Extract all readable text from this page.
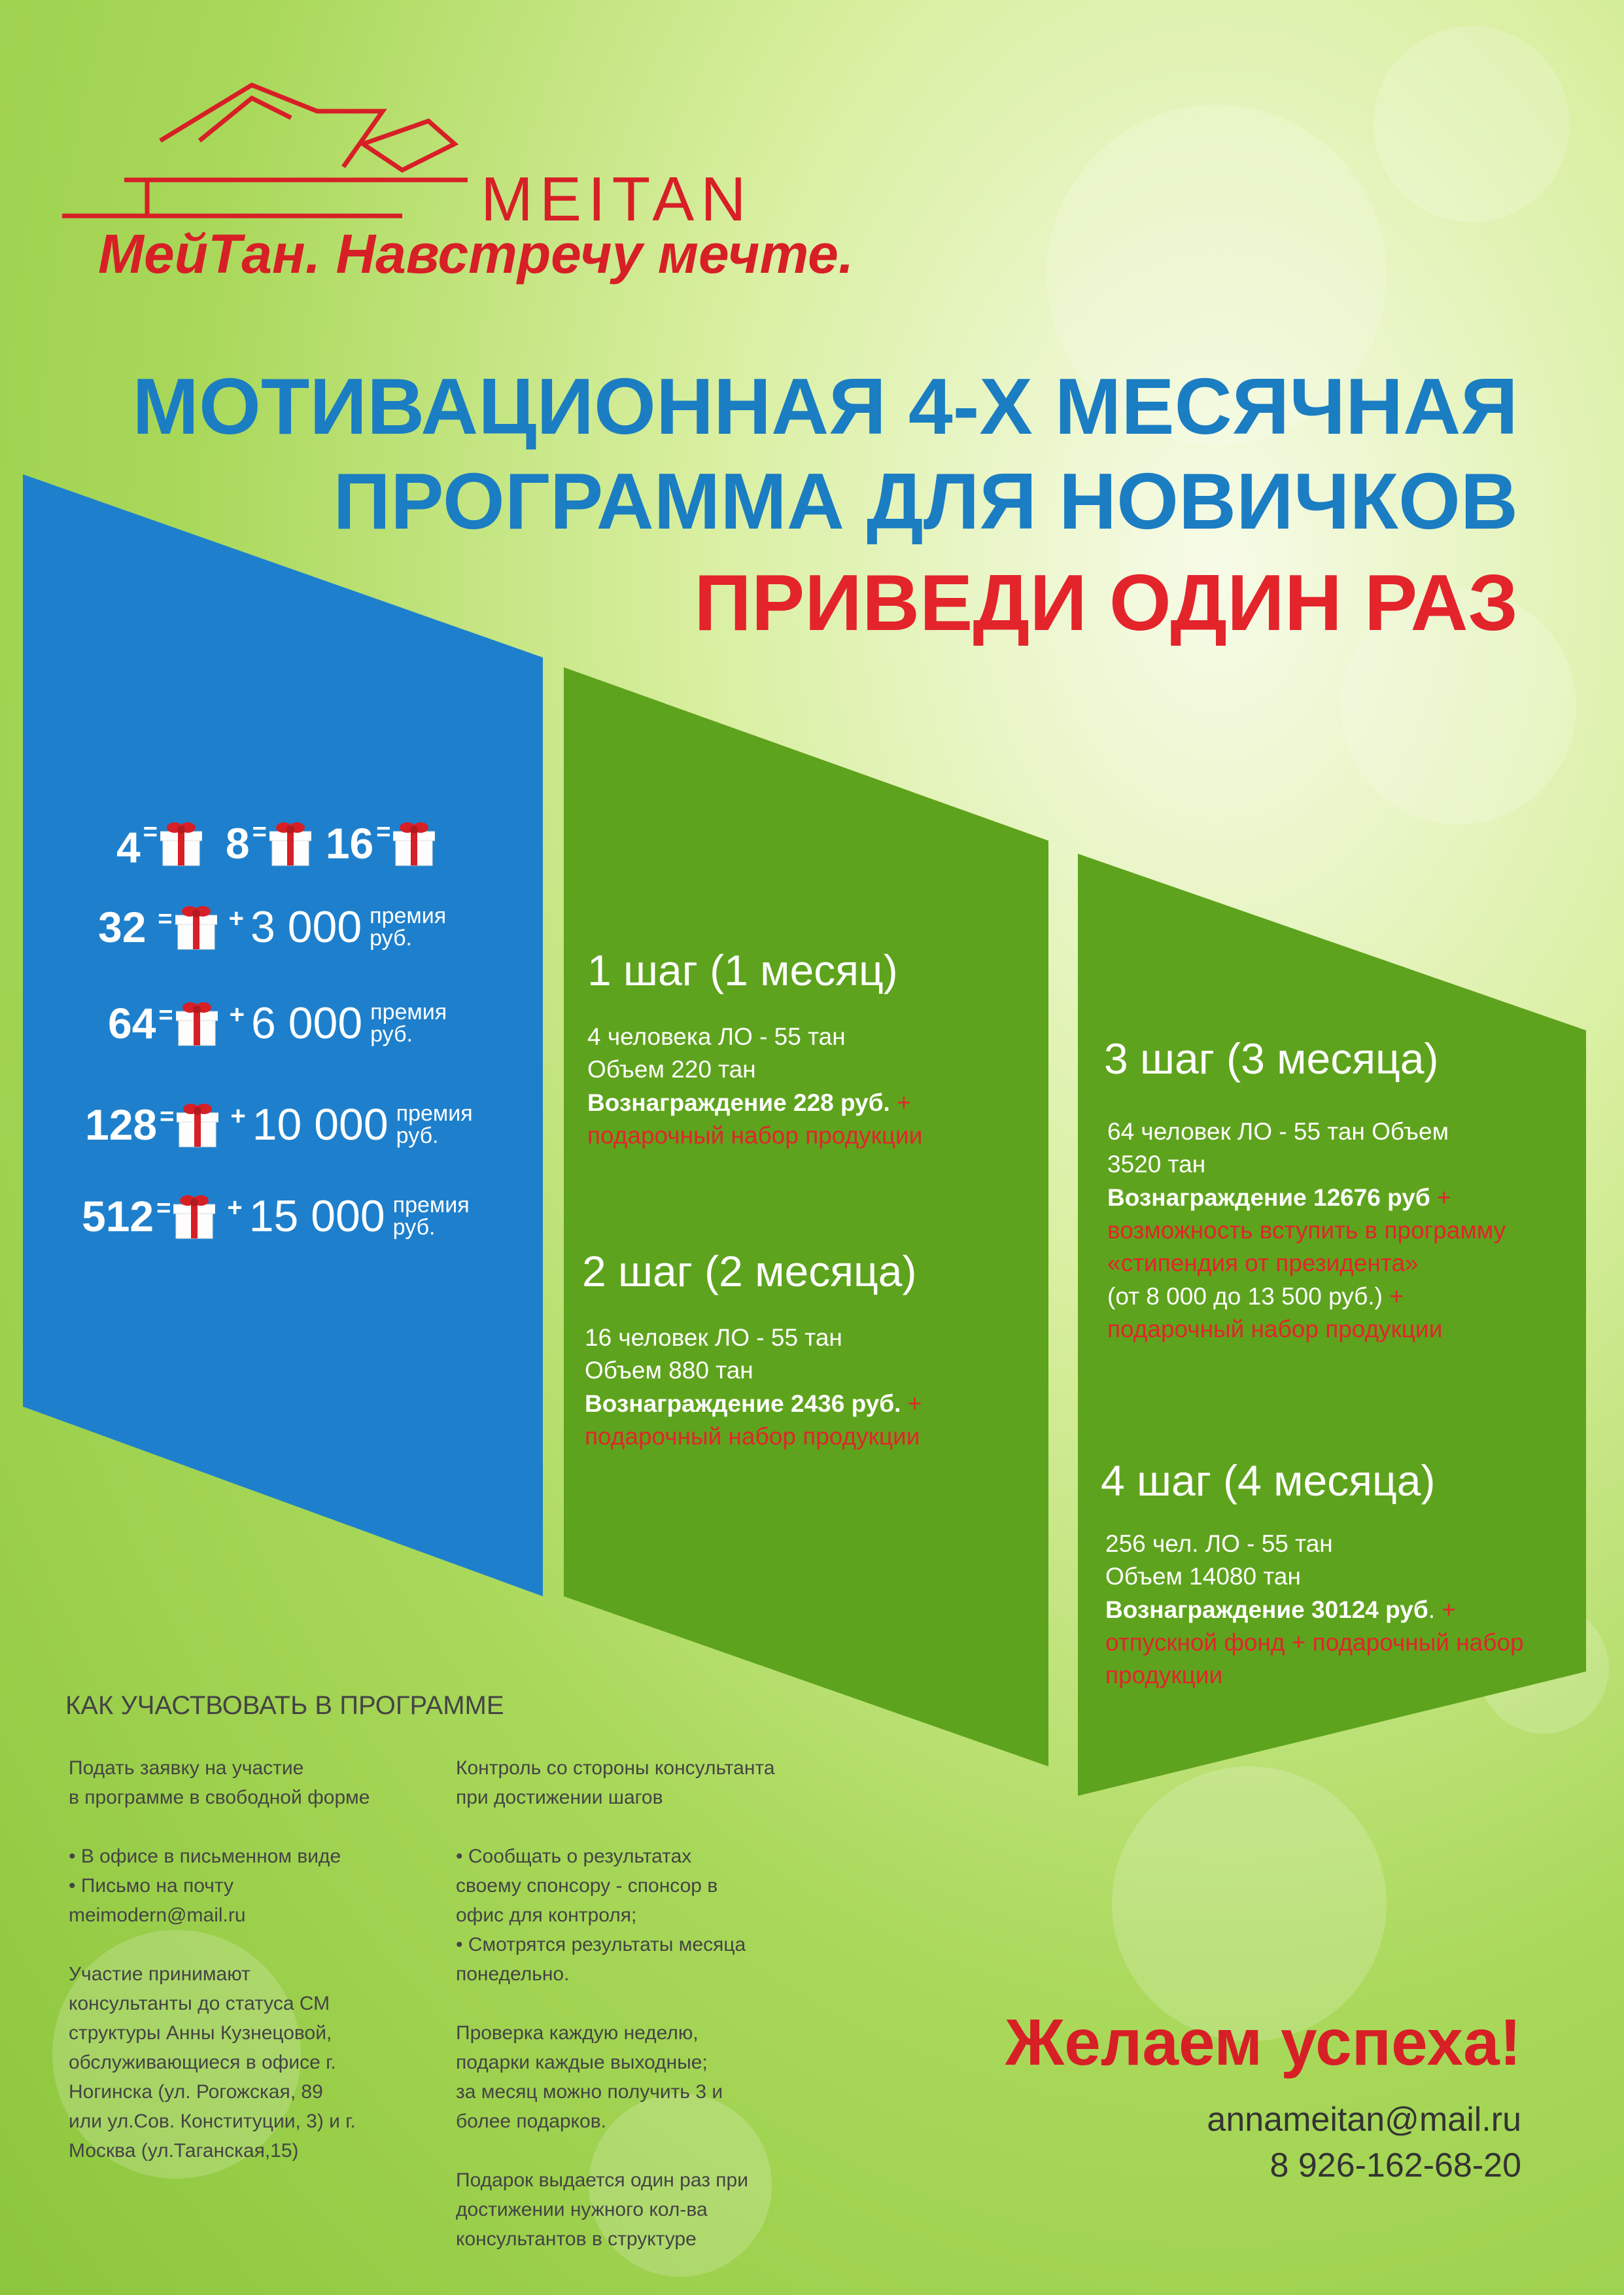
MEITAN
МейТан. Навстречу мечте.
МОТИВАЦИОННАЯ 4-Х МЕСЯЧНАЯ
ПРОГРАММА ДЛЯ НОВИЧКОВ
ПРИВЕДИ ОДИН РАЗ
4 = 8 = 16 =
32 = + 3 000 премия
руб.
64 = + 6 000 премия
руб.
128 = + 10 000 премия
руб.
512 = + 15 000 премия
руб.
1 шаг (1 месяц)
4 человека ЛО - 55 тан
Объем 220 тан
Вознаграждение 228 руб. + подарочный набор продукции
2 шаг (2 месяца)
16 человек ЛО - 55 тан
Объем 880 тан
Вознаграждение 2436 руб. + подарочный набор продукции
3 шаг (3 месяца)
64 человек ЛО - 55 тан Объем
3520 тан
Вознаграждение 12676 руб + возможность вступить в программу «стипендия от президента»
(от 8 000 до 13 500 руб.) + подарочный набор продукции
4 шаг (4 месяца)
256 чел. ЛО - 55 тан
Объем 14080 тан
Вознаграждение 30124 руб. + отпускной фонд + подарочный набор продукции
КАК УЧАСТВОВАТЬ В ПРОГРАММЕ

Подать заявку на участие
в программе в свободной форме

• В офисе в письменном виде
• Письмо на почту
meimodern@mail.ru

Участие принимают
консультанты до статуса СМ
структуры Анны Кузнецовой,
обслуживающиеся в офисе г.
Ногинска (ул. Рогожская, 89
или ул.Сов. Конституции, 3) и г.
Москва (ул.Таганская,15)

Контроль со стороны консультанта
при достижении шагов

• Сообщать о результатах
своему спонсору - спонсор в
офис для контроля;
• Смотрятся результаты месяца
понедельно.

Проверка каждую неделю,
подарки каждые выходные;
за месяц можно получить 3 и
более подарков.

Подарок выдается один раз при
достижении нужного кол-ва
консультантов в структуре

Желаем успеха!
annameitan@mail.ru
8 926-162-68-20
